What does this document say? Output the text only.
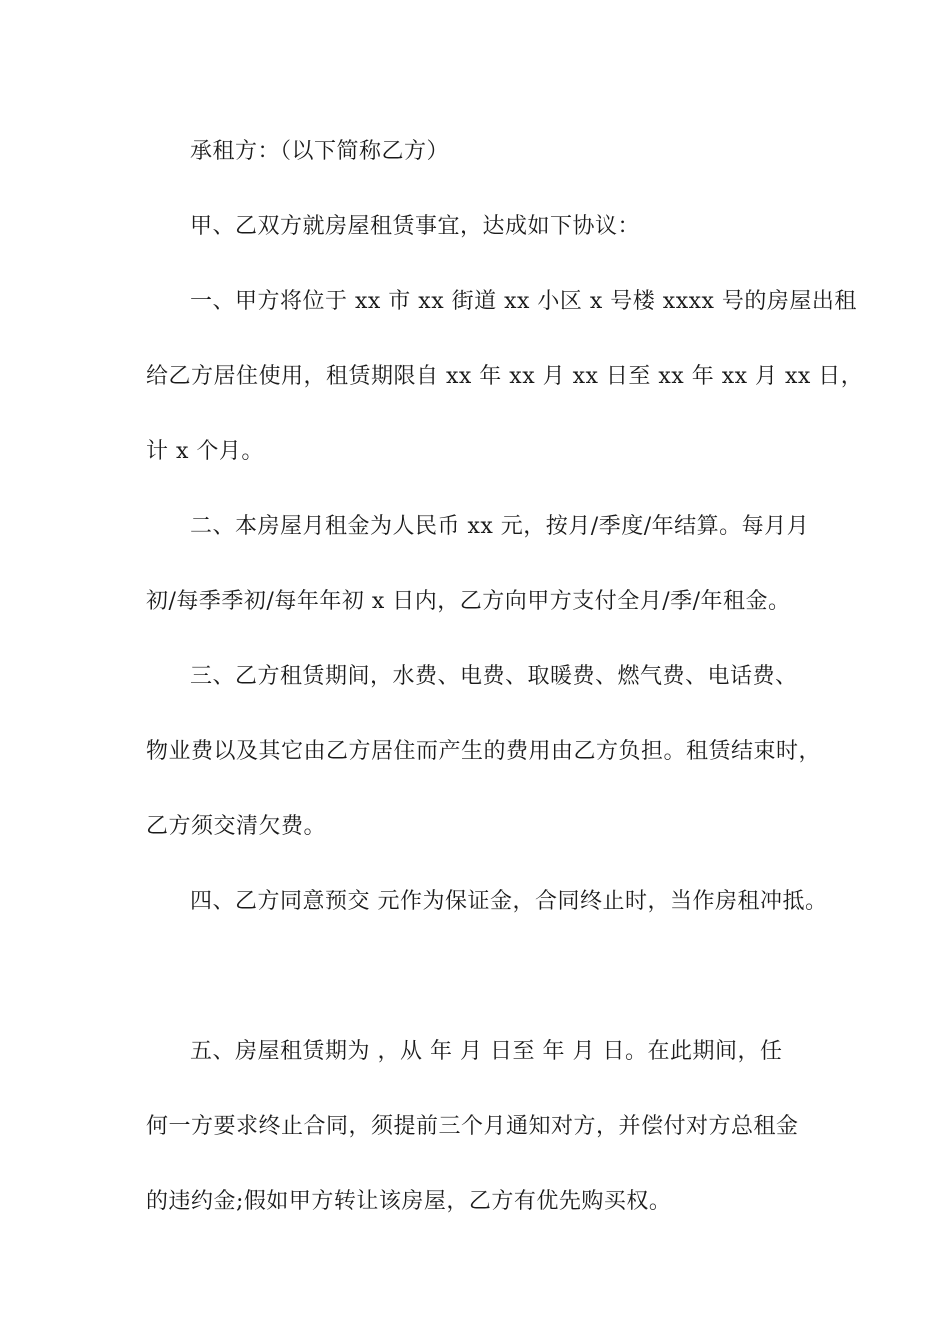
承租方：（以下简称乙方）
甲、乙双方就房屋租赁事宜，达成如下协议：
一、甲方将位于 xx 市 xx 街道 xx 小区 x 号楼 xxxx 号的房屋出租
给乙方居住使用，租赁期限自 xx 年 xx 月 xx 日至 xx 年 xx 月 xx 日，
计 x 个月。
二、本房屋月租金为人民币 xx 元，按月/季度/年结算。每月月
初/每季季初/每年年初 x 日内，乙方向甲方支付全月/季/年租金。
三、乙方租赁期间，水费、电费、取暖费、燃气费、电话费、
物业费以及其它由乙方居住而产生的费用由乙方负担。租赁结束时，
乙方须交清欠费。
四、乙方同意预交 元作为保证金，合同终止时，当作房租冲抵。
五、房屋租赁期为 ，从 年 月 日至 年 月 日。在此期间，任
何一方要求终止合同，须提前三个月通知对方，并偿付对方总租金
的违约金;假如甲方转让该房屋，乙方有优先购买权。
